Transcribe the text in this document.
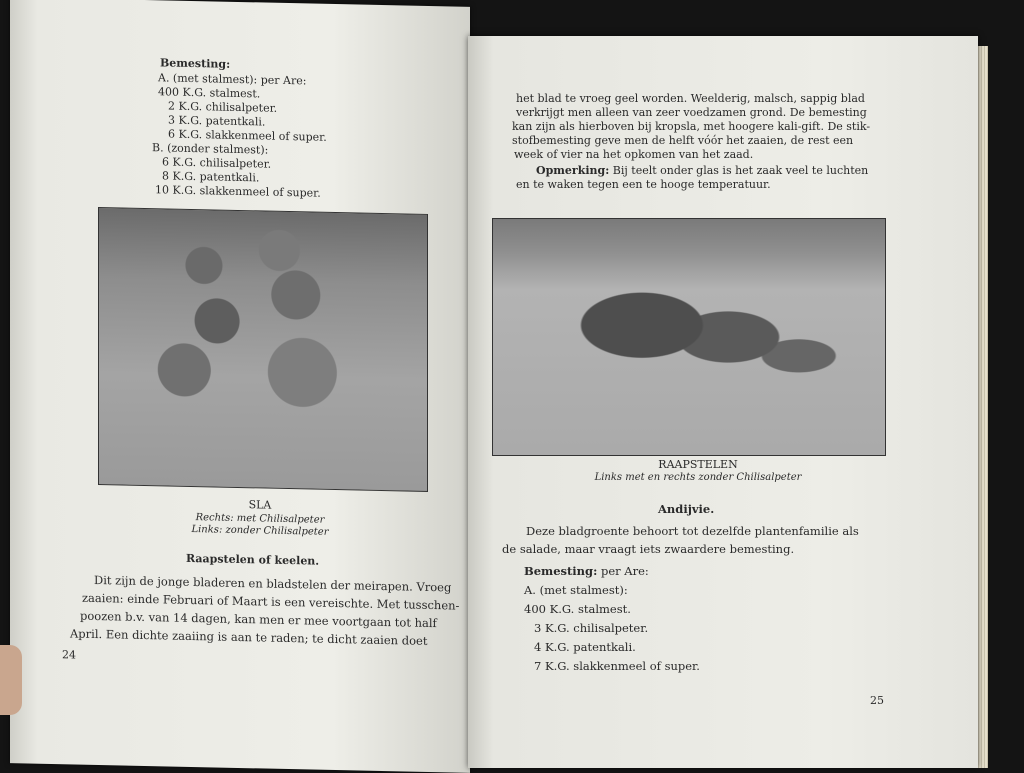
Bemesting:
A. (met stalmest): per Are:
400 K.G. stalmest.
2 K.G. chilisalpeter.
3 K.G. patentkali.
6 K.G. slakkenmeel of super.
B. (zonder stalmest):
6 K.G. chilisalpeter.
8 K.G. patentkali.
10 K.G. slakkenmeel of super.
SLA
Rechts: met Chilisalpeter
Links: zonder Chilisalpeter
Raapstelen of keelen.
Dit zijn de jonge bladeren en bladstelen der meirapen. Vroeg
zaaien: einde Februari of Maart is een vereischte. Met tusschen-
poozen b.v. van 14 dagen, kan men er mee voortgaan tot half
April. Een dichte zaaiing is aan te raden; te dicht zaaien doet
24
het blad te vroeg geel worden. Weelderig, malsch, sappig blad
verkrijgt men alleen van zeer voedzamen grond. De bemesting
kan zijn als hierboven bij kropsla, met hoogere kali-gift. De stik-
stofbemesting geve men de helft vóór het zaaien, de rest een
week of vier na het opkomen van het zaad.
Opmerking: Bij teelt onder glas is het zaak veel te luchten
en te waken tegen een te hooge temperatuur.
RAAPSTELEN
Links met en rechts zonder Chilisalpeter
Andijvie.
Deze bladgroente behoort tot dezelfde plantenfamilie als
de salade, maar vraagt iets zwaardere bemesting.
Bemesting: per Are:
A. (met stalmest):
400 K.G. stalmest.
3 K.G. chilisalpeter.
4 K.G. patentkali.
7 K.G. slakkenmeel of super.
25
